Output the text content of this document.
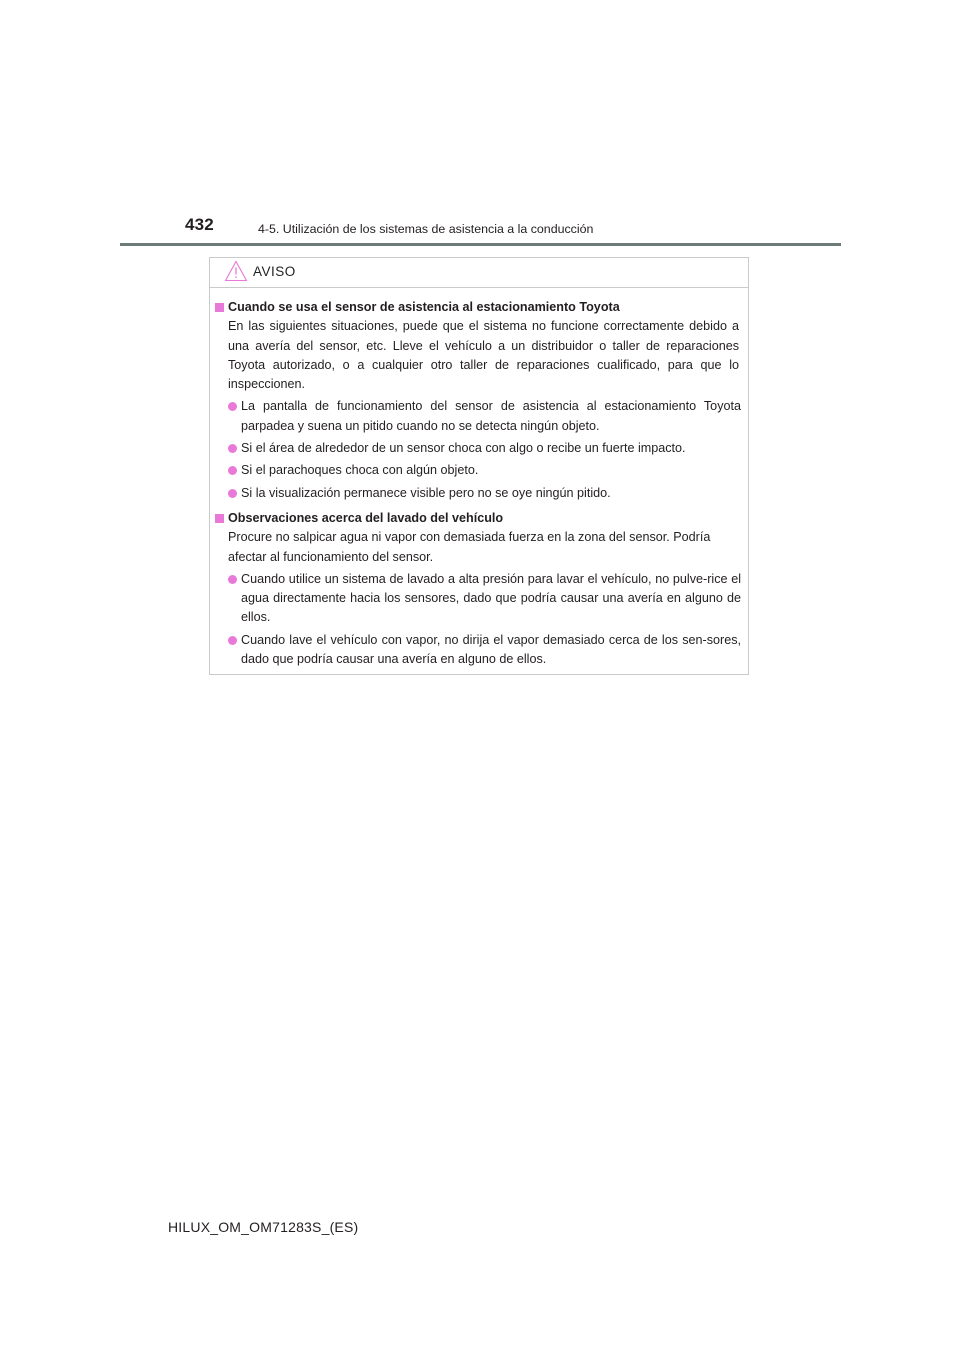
432	4-5. Utilización de los sistemas de asistencia a la conducción
AVISO
Cuando se usa el sensor de asistencia al estacionamiento Toyota

En las siguientes situaciones, puede que el sistema no funcione correctamente debido a una avería del sensor, etc. Lleve el vehículo a un distribuidor o taller de reparaciones Toyota autorizado, o a cualquier otro taller de reparaciones cualificado, para que lo inspeccionen.

La pantalla de funcionamiento del sensor de asistencia al estacionamiento Toyota parpadea y suena un pitido cuando no se detecta ningún objeto.
Si el área de alrededor de un sensor choca con algo o recibe un fuerte impacto.
Si el parachoques choca con algún objeto.
Si la visualización permanece visible pero no se oye ningún pitido.
Observaciones acerca del lavado del vehículo

Procure no salpicar agua ni vapor con demasiada fuerza en la zona del sensor. Podría afectar al funcionamiento del sensor.

Cuando utilice un sistema de lavado a alta presión para lavar el vehículo, no pulve-rice el agua directamente hacia los sensores, dado que podría causar una avería en alguno de ellos.
Cuando lave el vehículo con vapor, no dirija el vapor demasiado cerca de los sen-sores, dado que podría causar una avería en alguno de ellos.
HILUX_OM_OM71283S_(ES)
